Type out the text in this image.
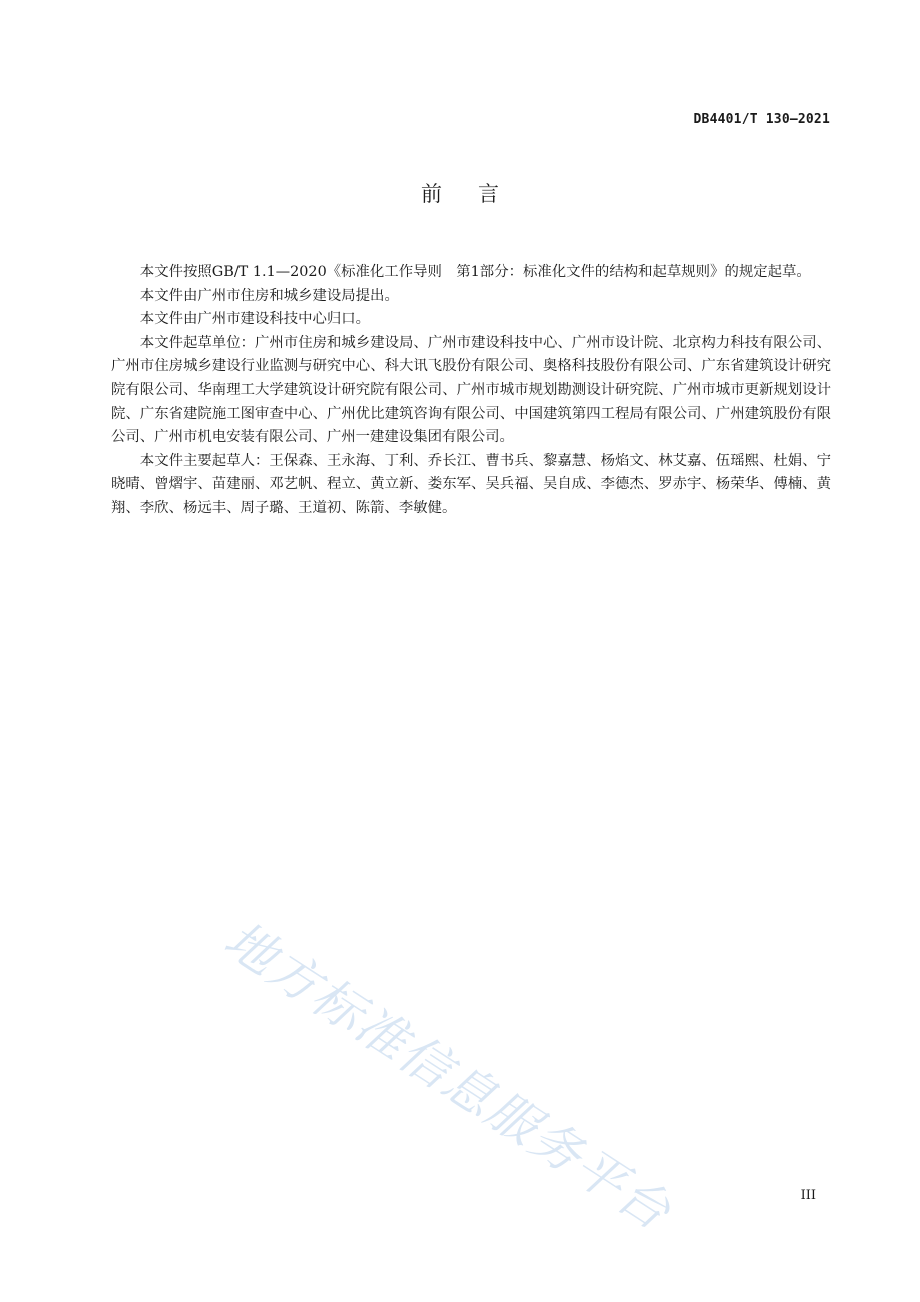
DB4401/T 130—2021
前言

本文件按照GB/T 1.1—2020《标准化工作导则　第1部分：标准化文件的结构和起草规则》的规定起草。

本文件由广州市住房和城乡建设局提出。

本文件由广州市建设科技中心归口。

本文件起草单位：广州市住房和城乡建设局、广州市建设科技中心、广州市设计院、北京构力科技有限公司、广州市住房城乡建设行业监测与研究中心、科大讯飞股份有限公司、奥格科技股份有限公司、广东省建筑设计研究院有限公司、华南理工大学建筑设计研究院有限公司、广州市城市规划勘测设计研究院、广州市城市更新规划设计院、广东省建院施工图审查中心、广州优比建筑咨询有限公司、中国建筑第四工程局有限公司、广州建筑股份有限公司、广州市机电安装有限公司、广州一建建设集团有限公司。

本文件主要起草人：王保森、王永海、丁利、乔长江、曹书兵、黎嘉慧、杨焰文、林艾嘉、伍瑶熙、杜娟、宁晓晴、曾熠宇、苗建丽、邓艺帆、程立、黄立新、娄东军、吴兵福、吴自成、李德杰、罗赤宇、杨荣华、傅楠、黄翔、李欣、杨远丰、周子璐、王道初、陈箭、李敏健。

地方标准信息服务平台	III
